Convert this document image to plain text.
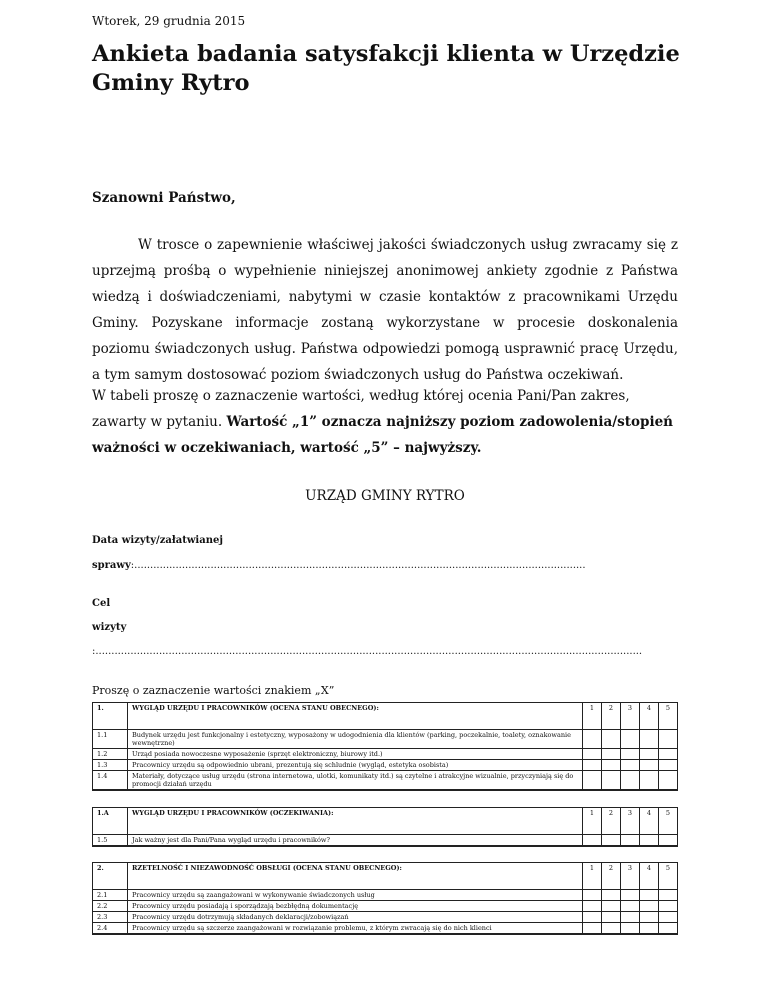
Wtorek, 29 grudnia 2015
Ankieta badania satysfakcji klienta w Urzędzie Gminy Rytro
Szanowni Państwo,

W trosce o zapewnienie właściwej jakości świadczonych usług zwracamy się z uprzejmą prośbą o wypełnienie niniejszej anonimowej ankiety zgodnie z Państwa wiedzą i doświadczeniami, nabytymi w czasie kontaktów z pracownikami Urzędu Gminy. Pozyskane informacje zostaną wykorzystane w procesie doskonalenia poziomu świadczonych usług. Państwa odpowiedzi pomogą usprawnić pracę Urzędu, a tym samym dostosować poziom świadczonych usług do Państwa oczekiwań.

W tabeli proszę o zaznaczenie wartości, według której ocenia Pani/Pan zakres, zawarty w pytaniu. Wartość „1” oznacza najniższy poziom zadowolenia/stopień ważności w oczekiwaniach, wartość „5” – najwyższy.

URZĄD GMINY RYTRO
Data wizyty/załatwianej
sprawy:..............................................................................................................................................
Cel
wizyty
:............................................................................................................................................................................
Proszę o zaznaczenie wartości znakiem „X”
1.	WYGLĄD URZĘDU I PRACOWNIKÓW (OCENA STANU OBECNEGO):	1	2	3	4	5
1.1	Budynek urzędu jest funkcjonalny i estetyczny, wyposażony w udogodnienia dla klientów (parking, poczekalnie, toalety, oznakowanie wewnętrzne)					
1.2	Urząd posiada nowoczesne wyposażenie (sprzęt elektroniczny, biurowy itd.)					
1.3	Pracownicy urzędu są odpowiednio ubrani, prezentują się schludnie (wygląd, estetyka osobista)					
1.4	Materiały, dotyczące usług urzędu (strona internetowa, ulotki, komunikaty itd.) są czytelne i atrakcyjne wizualnie, przyczyniają się do promocji działań urzędu					
1.A	WYGLĄD URZĘDU I PRACOWNIKÓW (OCZEKIWANIA):	1	2	3	4	5
1.5	Jak ważny jest dla Pani/Pana wygląd urzędu i pracowników?					
2.	RZETELNOŚĆ I NIEZAWODNOŚĆ OBSŁUGI (OCENA STANU OBECNEGO):	1	2	3	4	5
2.1	Pracownicy urzędu są zaangażowani w wykonywanie świadczonych usług					
2.2	Pracownicy urzędu posiadają i sporządzają bezbłędną dokumentację					
2.3	Pracownicy urzędu dotrzymują składanych deklaracji/zobowiązań					
2.4	Pracownicy urzędu są szczerze zaangażowani w rozwiązanie problemu, z którym zwracają się do nich klienci					
